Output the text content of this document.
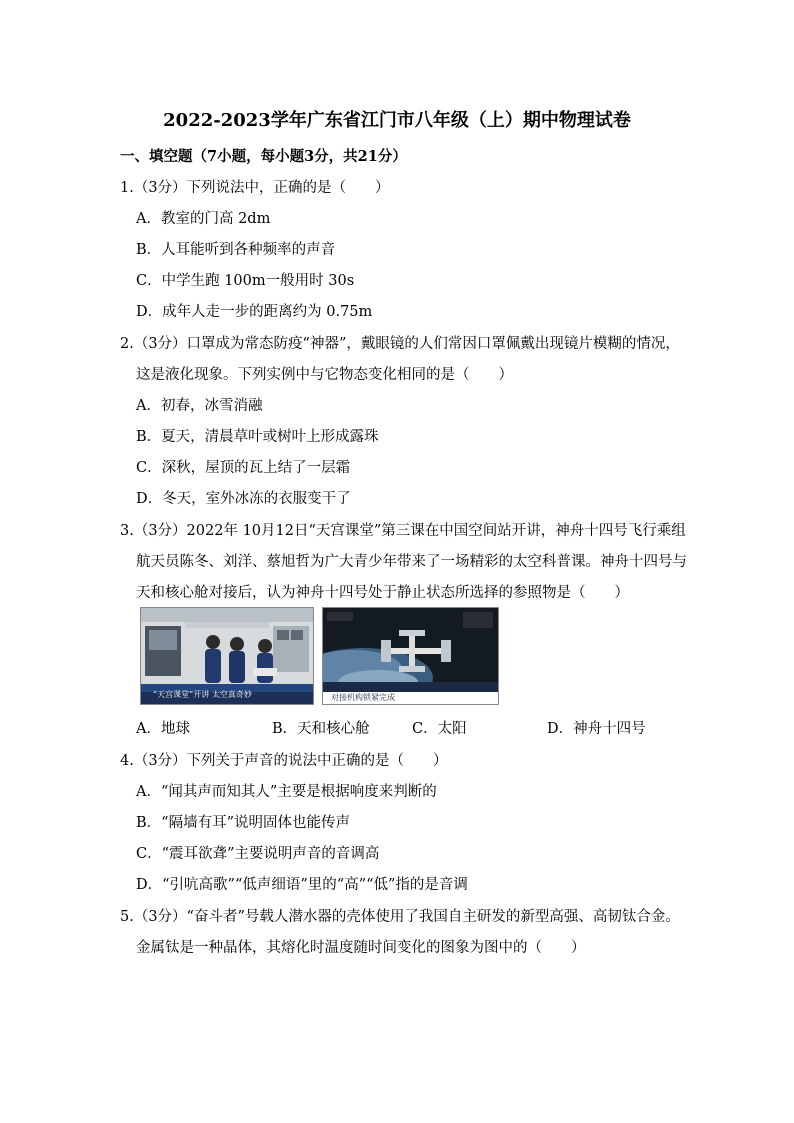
2022-2023学年广东省江门市八年级（上）期中物理试卷
一、填空题（7小题，每小题3分，共21分）
1.（3分）下列说法中，正确的是（　　）
A．教室的门高 2dm
B．人耳能听到各种频率的声音
C．中学生跑 100m一般用时 30s
D．成年人走一步的距离约为 0.75m
2.（3分）口罩成为常态防疫“神器”，戴眼镜的人们常因口罩佩戴出现镜片模糊的情况，
这是液化现象。下列实例中与它物态变化相同的是（　　）
A．初春，冰雪消融
B．夏天，清晨草叶或树叶上形成露珠
C．深秋，屋顶的瓦上结了一层霜
D．冬天，室外冰冻的衣服变干了
3.（3分）2022年 10月12日“天宫课堂”第三课在中国空间站开讲，神舟十四号飞行乘组
航天员陈冬、刘洋、蔡旭哲为广大青少年带来了一场精彩的太空科普课。神舟十四号与
天和核心舱对接后，认为神舟十四号处于静止状态所选择的参照物是（　　）
“天宫课堂”开讲 太空真奇妙	对接机构锁紧完成
A．地球	B．天和核心舱	C．太阳	D．神舟十四号
4.（3分）下列关于声音的说法中正确的是（　　）
A．“闻其声而知其人”主要是根据响度来判断的
B．“隔墙有耳”说明固体也能传声
C．“震耳欲聋”主要说明声音的音调高
D．“引吭高歌”“低声细语”里的“高”“低”指的是音调
5.（3分）“奋斗者”号载人潜水器的壳体使用了我国自主研发的新型高强、高韧钛合金。
金属钛是一种晶体，其熔化时温度随时间变化的图象为图中的（　　）
